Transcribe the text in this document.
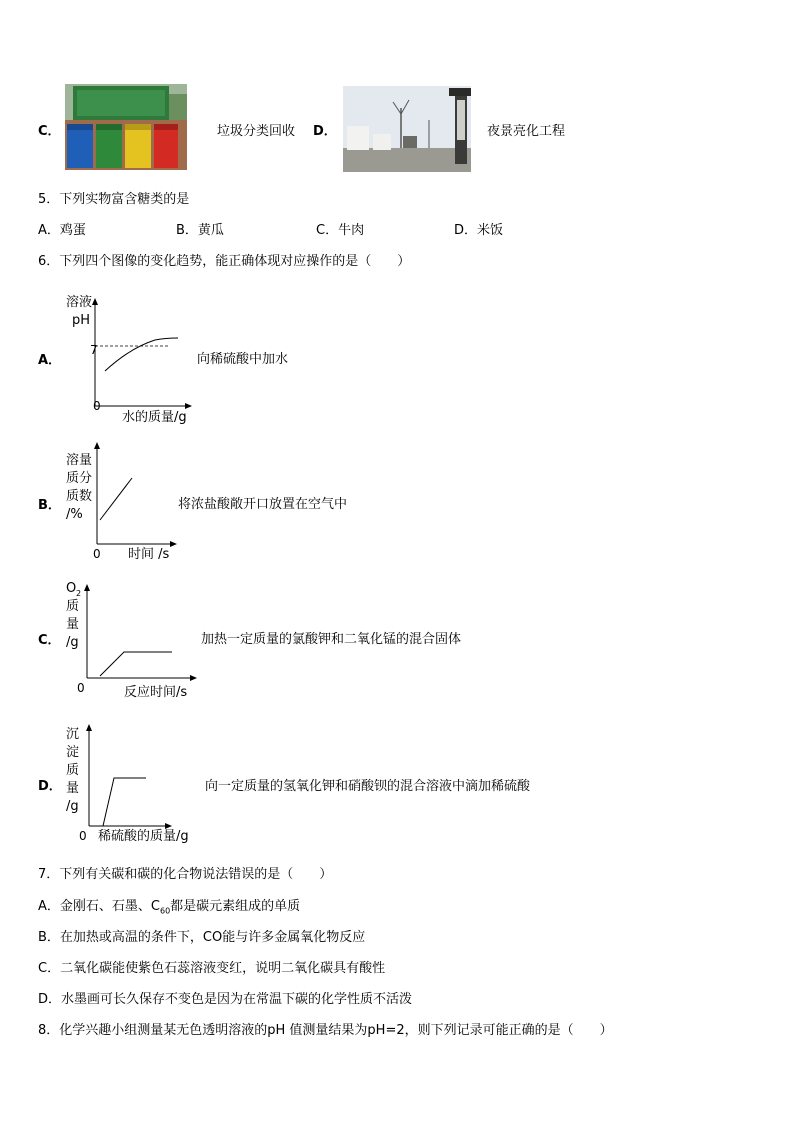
C．	垃圾分类回收 D．	夜景亮化工程
5．下列实物富含糖类的是
A．鸡蛋	B．黄瓜	C．牛肉	D．米饭
6．下列四个图像的变化趋势，能正确体现对应操作的是（　　）
A．
溶液
pH
7
0
水的质量/g
向稀硫酸中加水
B．
溶量
质分
质数
/%
0 时间 /s
将浓盐酸敞开口放置在空气中
C．
O 2
质
量
/g
0	反应时间/s
加热一定质量的氯酸钾和二氧化锰的混合固体
D．
沉
淀
质
量
/g
0 稀硫酸的质量/g
向一定质量的氢氧化钾和硝酸钡的混合溶液中滴加稀硫酸
7．下列有关碳和碳的化合物说法错误的是（　　）
A．金刚石、石墨、$C_{60}$都是碳元素组成的单质
B．在加热或高温的条件下，CO能与许多金属氧化物反应
C．二氧化碳能使紫色石蕊溶液变红，说明二氧化碳具有酸性
D．水墨画可长久保存不变色是因为在常温下碳的化学性质不活泼
8．化学兴趣小组测量某无色透明溶液的pH 值测量结果为pH=2，则下列记录可能正确的是（　　）
